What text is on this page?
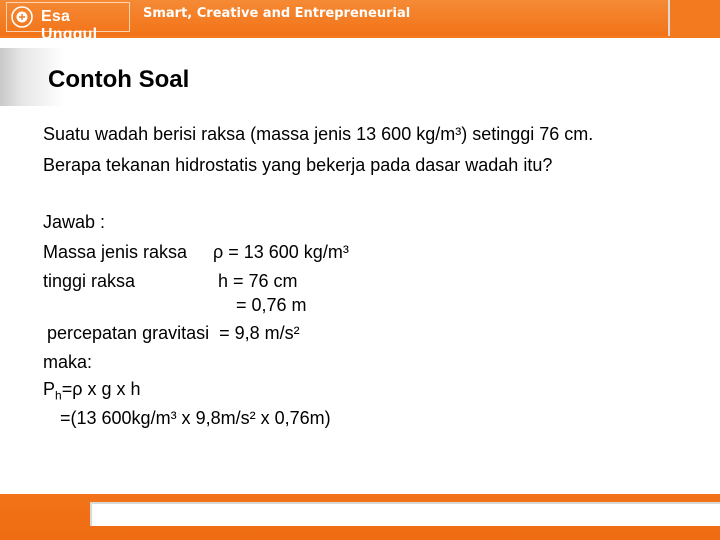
Esa Unggul
Smart, Creative and Entrepreneurial
Contoh Soal
Suatu wadah berisi raksa (massa jenis 13 600 kg/m³) setinggi 76 cm.
Berapa tekanan hidrostatis yang bekerja pada dasar wadah itu?
Jawab :
Massa jenis raksa ρ = 13 600 kg/m³
tinggi raksa	h = 76 cm
= 0,76 m
percepatan gravitasi  = 9,8 m/s²
maka:
$P_h=\rho$ x g x h
=(13 600kg/m³ x 9,8m/s² x 0,76m)
